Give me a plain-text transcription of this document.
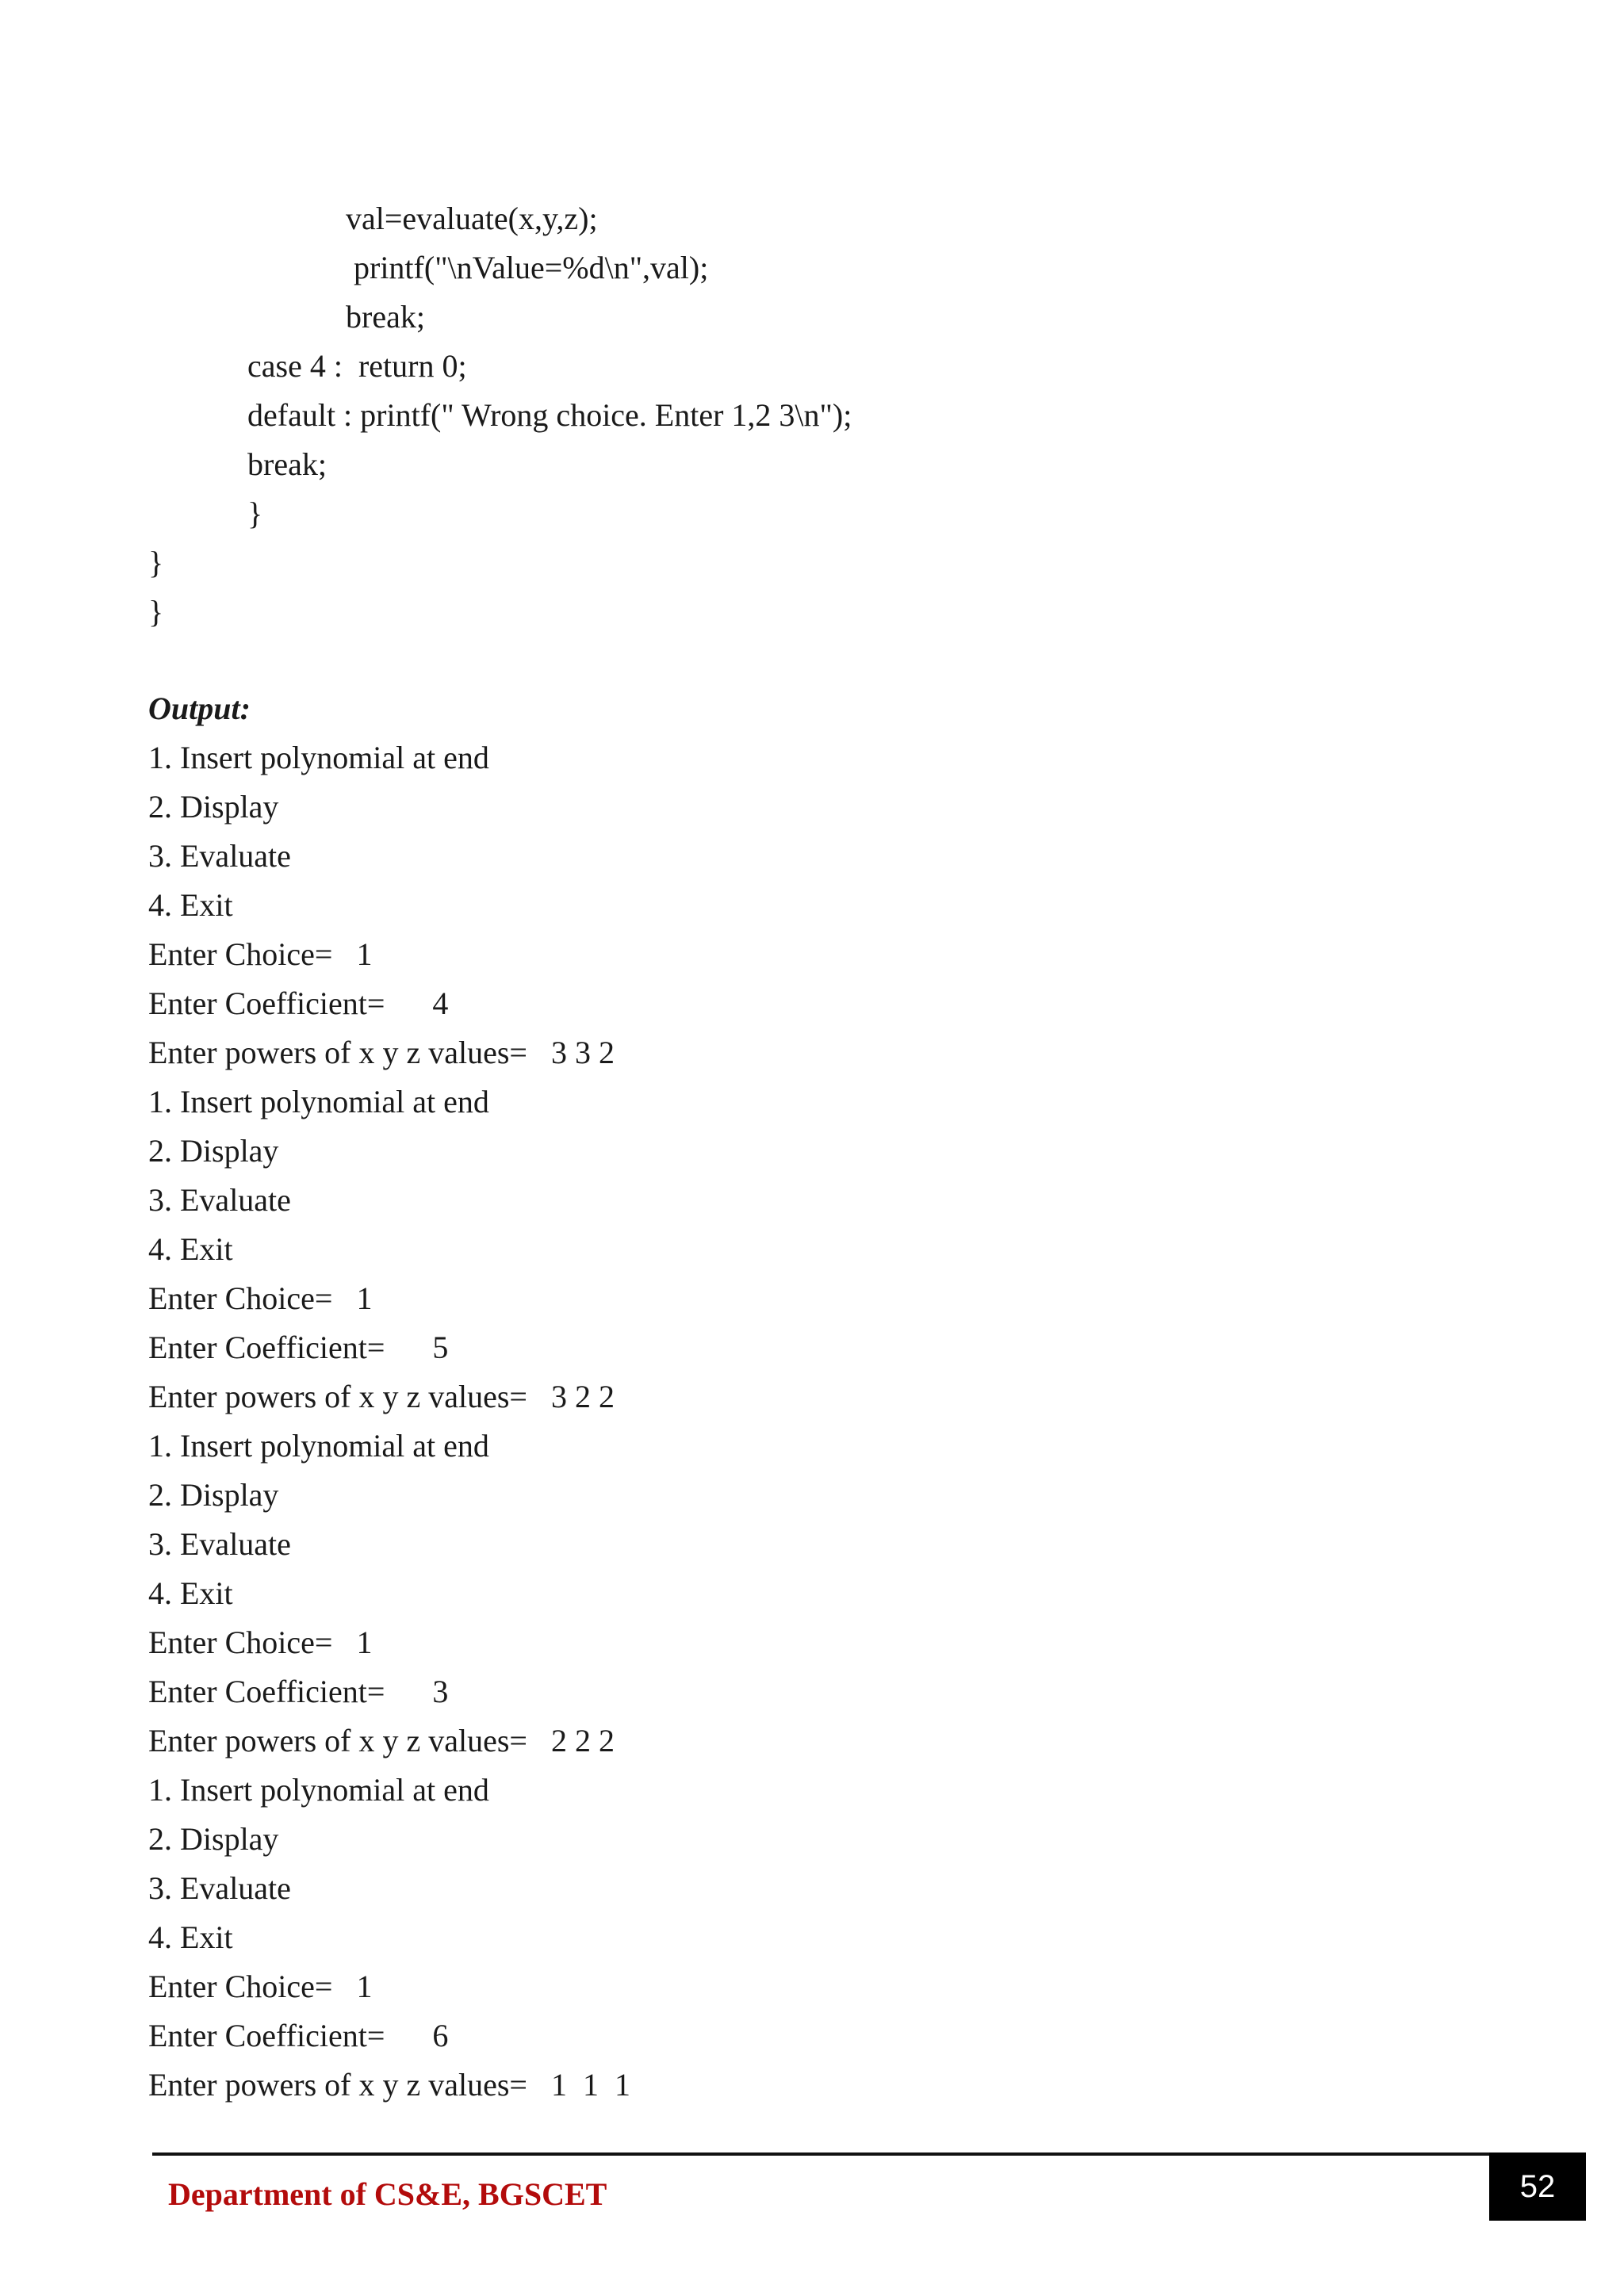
val=evaluate(x,y,z);
printf("\nValue=%d\n",val);
break;
case 4 :  return 0;
default : printf(" Wrong choice. Enter 1,2 3\n");
break;
}
}
}
Output:
1. Insert polynomial at end
2. Display
3. Evaluate
4. Exit
Enter Choice=   1
Enter Coefficient=      4
Enter powers of x y z values=   3 3 2
1. Insert polynomial at end
2. Display
3. Evaluate
4. Exit
Enter Choice=   1
Enter Coefficient=      5
Enter powers of x y z values=   3 2 2
1. Insert polynomial at end
2. Display
3. Evaluate
4. Exit
Enter Choice=   1
Enter Coefficient=      3
Enter powers of x y z values=   2 2 2
1. Insert polynomial at end
2. Display
3. Evaluate
4. Exit
Enter Choice=   1
Enter Coefficient=      6
Enter powers of x y z values=   1  1  1
Department of CS&E, BGSCET	52
